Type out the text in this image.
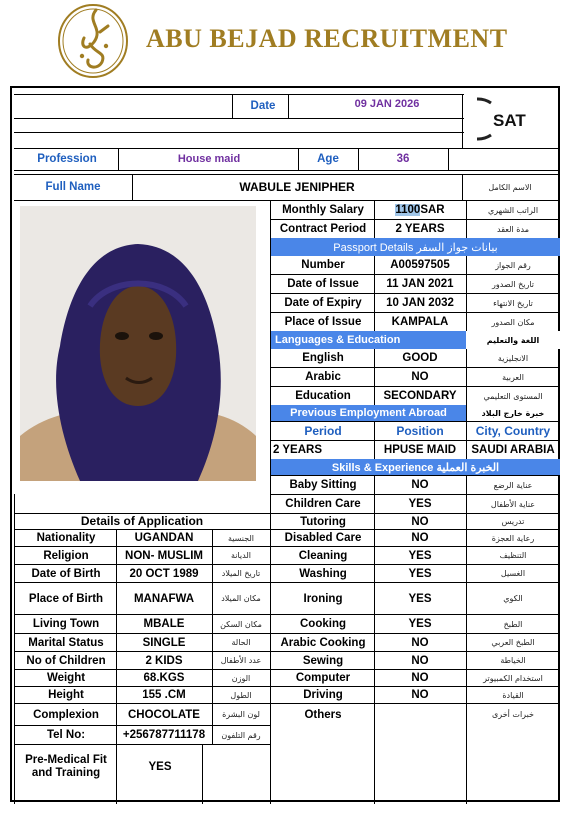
ABU BEJAD RECRUITMENT
Date	09 JAN 2026
SAT
Profession	House maid	Age	36
Full Name	WABULE JENIPHER	الاسم الكامل
Monthly Salary	1100 SAR	الراتب الشهري
Contract Period	2 YEARS	مدة العقد
Passport Details بيانات جواز السفر
Number	A00597505	رقم الجواز
Date of Issue	11 JAN 2021	تاريخ الصدور
Date of Expiry	10 JAN 2032	تاريخ الانتهاء
Place of Issue	KAMPALA	مكان الصدور
Languages & Education	اللغة والتعليم
English	GOOD	الانجليزية
Arabic	NO	العربية
Education	SECONDARY	المستوى التعليمي
Previous Employment Abroad	خبرة خارج البلاد
Period	Position	City, Country
2 YEARS	HPUSE MAID	SAUDI ARABIA
Skills & Experience الخبرة العملية
Baby Sitting	NO	عناية الرضع
Children Care	YES	عناية الأطفال
Tutoring	NO	تدريس
Disabled Care	NO	رعاية العجزة
Cleaning	YES	التنظيف
Washing	YES	الغسيل
Ironing	YES	الكوي
Cooking	YES	الطبخ
Arabic Cooking	NO	الطبخ العربي
Sewing	NO	الخياطة
Computer	NO	استخدام الكمبيوتر
Driving	NO	القيادة
Others	خبرات أخرى
Details of Application
Nationality	UGANDAN	الجنسية
Religion	NON- MUSLIM	الديانة
Date of Birth	20 OCT 1989	تاريخ الميلاد
Place of Birth	MANAFWA	مكان الميلاد
Living Town	MBALE	مكان السكن
Marital Status	SINGLE	الحالة
No of Children	2 KIDS	عدد الأطفال
Weight	68.KGS	الوزن
Height	155 .CM	الطول
Complexion	CHOCOLATE	لون البشرة
Tel No:	+256787711178	رقم التلفون
Pre-Medical Fit and Training	YES
